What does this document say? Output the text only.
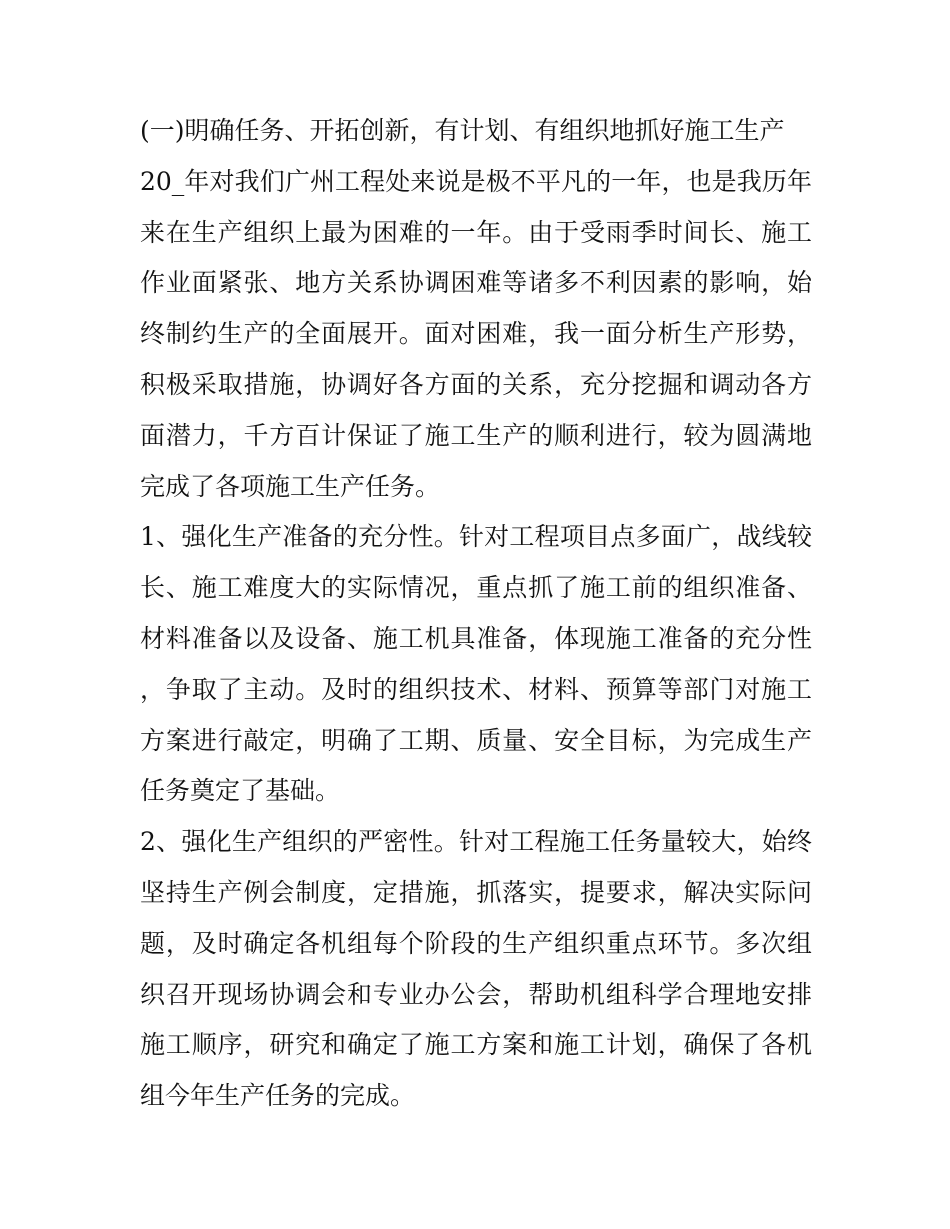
(一)明确任务、开拓创新，有计划、有组织地抓好施工生产

20_年对我们广州工程处来说是极不平凡的一年，也是我历年来在生产组织上最为困难的一年。由于受雨季时间长、施工作业面紧张、地方关系协调困难等诸多不利因素的影响，始终制约生产的全面展开。面对困难，我一面分析生产形势，积极采取措施，协调好各方面的关系，充分挖掘和调动各方面潜力，千方百计保证了施工生产的顺利进行，较为圆满地完成了各项施工生产任务。

1、强化生产准备的充分性。针对工程项目点多面广，战线较长、施工难度大的实际情况，重点抓了施工前的组织准备、材料准备以及设备、施工机具准备，体现施工准备的充分性，争取了主动。及时的组织技术、材料、预算等部门对施工方案进行敲定，明确了工期、质量、安全目标，为完成生产任务奠定了基础。

2、强化生产组织的严密性。针对工程施工任务量较大，始终坚持生产例会制度，定措施，抓落实，提要求，解决实际问题，及时确定各机组每个阶段的生产组织重点环节。多次组织召开现场协调会和专业办公会，帮助机组科学合理地安排施工顺序，研究和确定了施工方案和施工计划，确保了各机组今年生产任务的完成。
